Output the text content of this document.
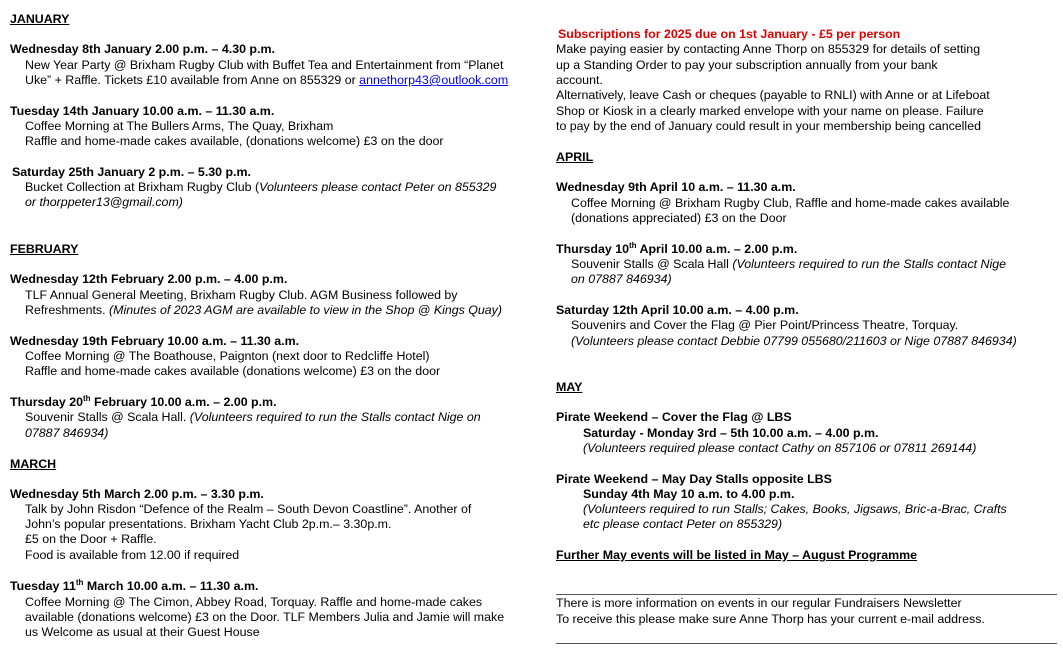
JANUARY
Wednesday 8th January 2.00 p.m. – 4.30 p.m.
New Year Party @ Brixham Rugby Club with Buffet Tea and Entertainment from “Planet
Uke” + Raffle. Tickets £10 available from Anne on 855329 or annethorp43@outlook.com
Tuesday 14th January 10.00 a.m. – 11.30 a.m.
Coffee Morning at The Bullers Arms, The Quay, Brixham
Raffle and home-made cakes available, (donations welcome) £3 on the door
Saturday 25th January 2 p.m. – 5.30 p.m.
Bucket Collection at Brixham Rugby Club (Volunteers please contact Peter on 855329
or thorppeter13@gmail.com)
FEBRUARY
Wednesday 12th February 2.00 p.m. – 4.00 p.m.
TLF Annual General Meeting, Brixham Rugby Club. AGM Business followed by
Refreshments. (Minutes of 2023 AGM are available to view in the Shop @ Kings Quay)
Wednesday 19th February 10.00 a.m. – 11.30 a.m.
Coffee Morning @ The Boathouse, Paignton (next door to Redcliffe Hotel)
Raffle and home-made cakes available (donations welcome) £3 on the door
Thursday 20th February 10.00 a.m. – 2.00 p.m.
Souvenir Stalls @ Scala Hall. (Volunteers required to run the Stalls contact Nige on
07887 846934)
MARCH
Wednesday 5th March 2.00 p.m. – 3.30 p.m.
Talk by John Risdon “Defence of the Realm – South Devon Coastline”. Another of
John’s popular presentations. Brixham Yacht Club 2p.m.– 3.30p.m.
£5 on the Door + Raffle.
Food is available from 12.00 if required
Tuesday 11th March 10.00 a.m. – 11.30 a.m.
Coffee Morning @ The Cimon, Abbey Road, Torquay. Raffle and home-made cakes
available (donations welcome) £3 on the Door. TLF Members Julia and Jamie will make
us Welcome as usual at their Guest House
Subscriptions for 2025 due on 1st January - £5 per person
Make paying easier by contacting Anne Thorp on 855329 for details of setting
up a Standing Order to pay your subscription annually from your bank
account.
Alternatively, leave Cash or cheques (payable to RNLI) with Anne or at Lifeboat
Shop or Kiosk in a clearly marked envelope with your name on please. Failure
to pay by the end of January could result in your membership being cancelled
APRIL
Wednesday 9th April 10 a.m. – 11.30 a.m.
Coffee Morning @ Brixham Rugby Club, Raffle and home-made cakes available
(donations appreciated) £3 on the Door
Thursday 10th April 10.00 a.m. – 2.00 p.m.
Souvenir Stalls @ Scala Hall (Volunteers required to run the Stalls contact Nige
on 07887 846934)
Saturday 12th April 10.00 a.m. – 4.00 p.m.
Souvenirs and Cover the Flag @ Pier Point/Princess Theatre, Torquay.
(Volunteers please contact Debbie 07799 055680/211603 or Nige 07887 846934)
MAY
Pirate Weekend – Cover the Flag @ LBS
Saturday - Monday 3rd – 5th 10.00 a.m. – 4.00 p.m.
(Volunteers required please contact Cathy on 857106 or 07811 269144)
Pirate Weekend – May Day Stalls opposite LBS
Sunday 4th May 10 a.m. to 4.00 p.m.
(Volunteers required to run Stalls; Cakes, Books, Jigsaws, Bric-a-Brac, Crafts
etc please contact Peter on 855329)
Further May events will be listed in May – August Programme
There is more information on events in our regular Fundraisers Newsletter
To receive this please make sure Anne Thorp has your current e-mail address.
